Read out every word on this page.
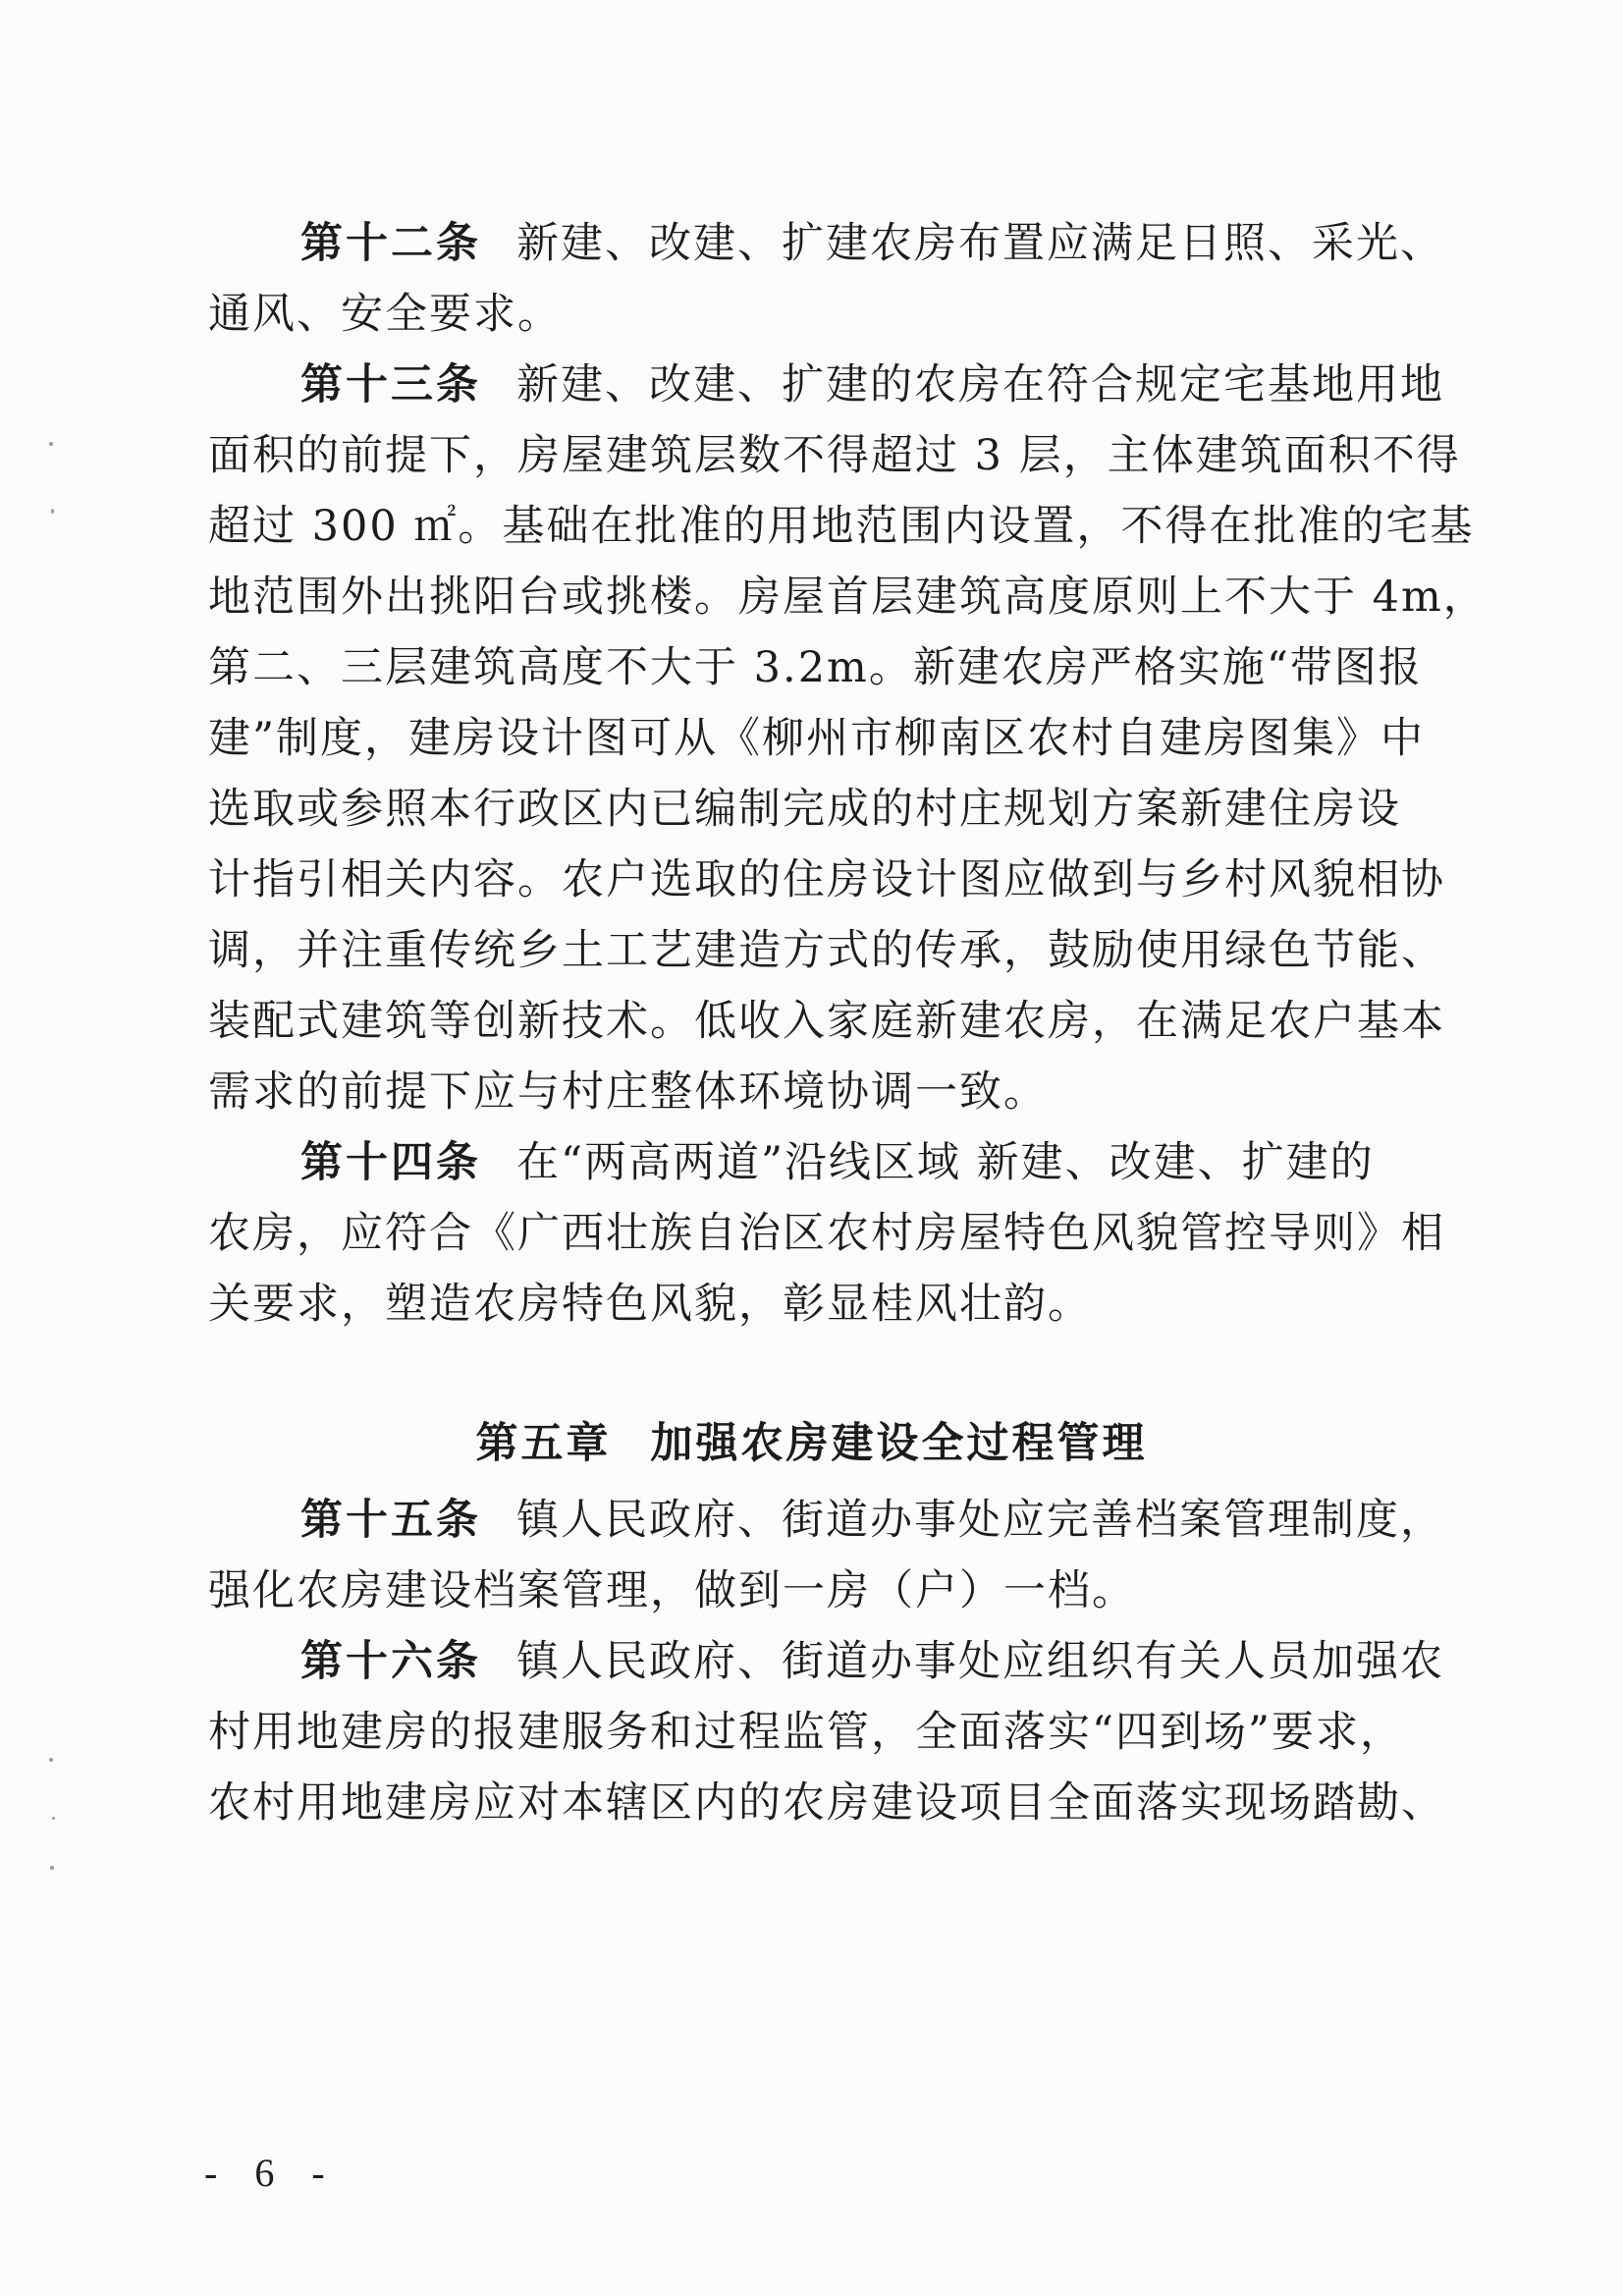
第十二条 新建、改建、扩建农房布置应满足日照、采光、
通风、安全要求。
第十三条 新建、改建、扩建的农房在符合规定宅基地用地
面积的前提下，房屋建筑层数不得超过 3 层，主体建筑面积不得
超过 300 ㎡。基础在批准的用地范围内设置，不得在批准的宅基
地范围外出挑阳台或挑楼。房屋首层建筑高度原则上不大于 4m，
第二、三层建筑高度不大于 3.2m。新建农房严格实施“带图报
建”制度，建房设计图可从《柳州市柳南区农村自建房图集》中
选取或参照本行政区内已编制完成的村庄规划方案新建住房设
计指引相关内容。农户选取的住房设计图应做到与乡村风貌相协
调，并注重传统乡土工艺建造方式的传承，鼓励使用绿色节能、
装配式建筑等创新技术。低收入家庭新建农房，在满足农户基本
需求的前提下应与村庄整体环境协调一致。
第十四条 在“两高两道”沿线区域 新建、改建、扩建的
农房，应符合《广西壮族自治区农村房屋特色风貌管控导则》相
关要求，塑造农房特色风貌，彰显桂风壮韵。
第五章 加强农房建设全过程管理
第十五条 镇人民政府、街道办事处应完善档案管理制度，
强化农房建设档案管理，做到一房（户）一档。
第十六条 镇人民政府、街道办事处应组织有关人员加强农
村用地建房的报建服务和过程监管，全面落实“四到场”要求，
农村用地建房应对本辖区内的农房建设项目全面落实现场踏勘、
- 6 -
